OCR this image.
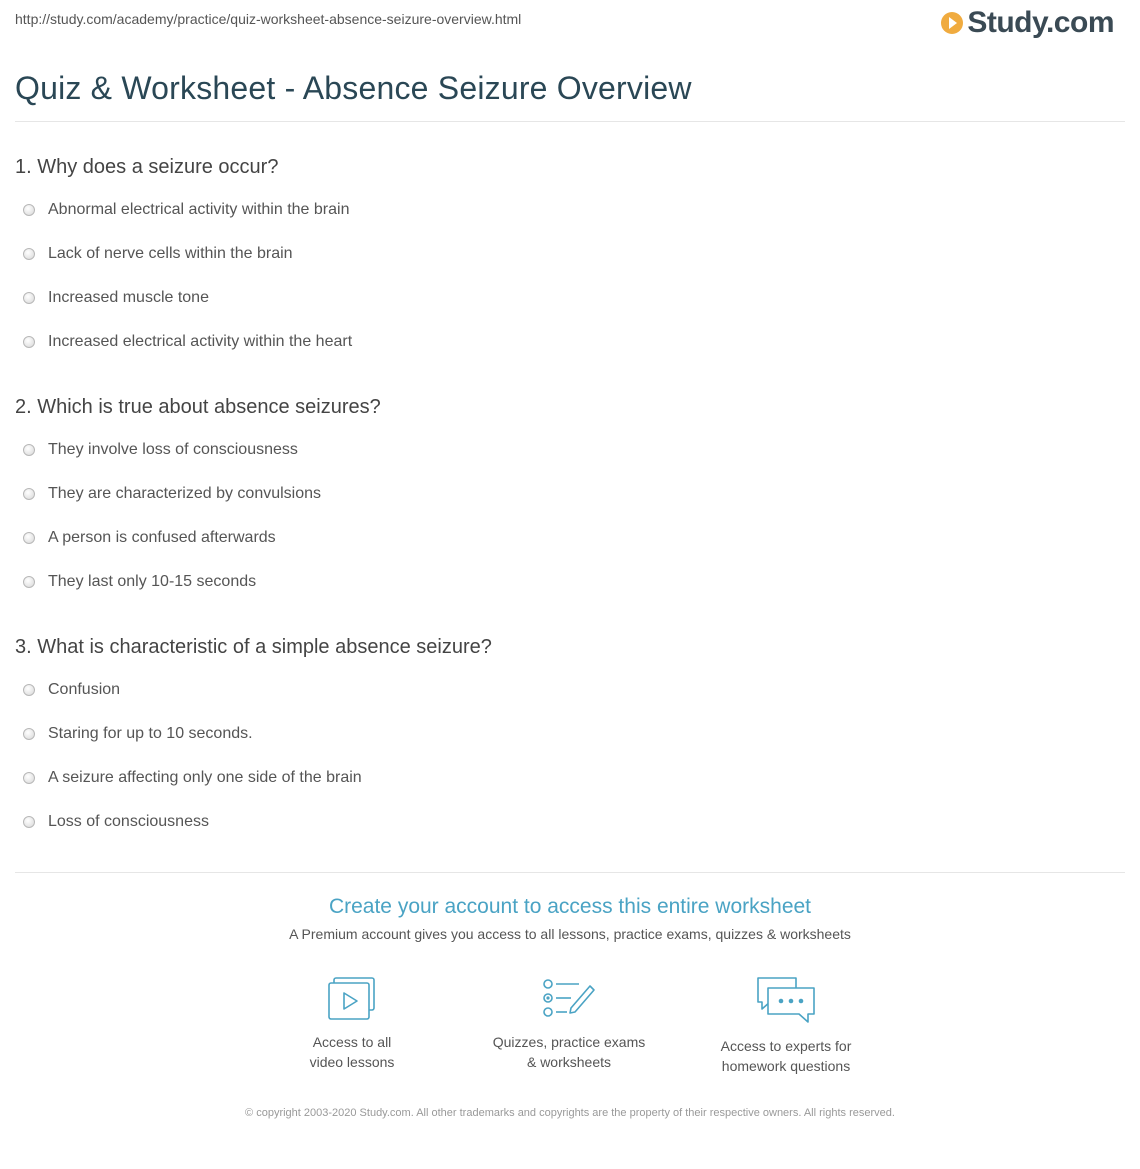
http://study.com/academy/practice/quiz-worksheet-absence-seizure-overview.html	Study.com
Quiz & Worksheet - Absence Seizure Overview
1. Why does a seizure occur?
Abnormal electrical activity within the brain
Lack of nerve cells within the brain
Increased muscle tone
Increased electrical activity within the heart
2. Which is true about absence seizures?
They involve loss of consciousness
They are characterized by convulsions
A person is confused afterwards
They last only 10-15 seconds
3. What is characteristic of a simple absence seizure?
Confusion
Staring for up to 10 seconds.
A seizure affecting only one side of the brain
Loss of consciousness
Create your account to access this entire worksheet
A Premium account gives you access to all lessons, practice exams, quizzes & worksheets
Access to all
video lessons
Quizzes, practice exams
& worksheets
Access to experts for
homework questions
© copyright 2003-2020 Study.com. All other trademarks and copyrights are the property of their respective owners. All rights reserved.
